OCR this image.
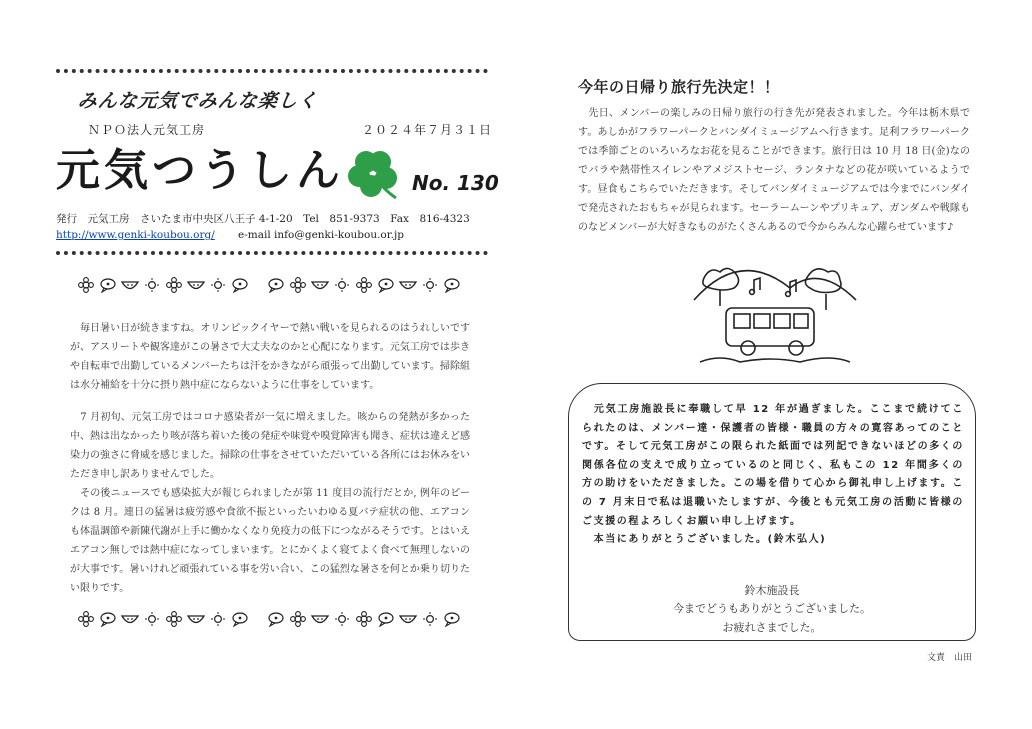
みんな元気でみんな楽しく
ＮＰＯ法人元気工房	２０２４年７月３１日
元気つうしん	No. 130
発行　元気工房　さいたま市中央区八王子 4-1-20　Tel　851-9373　Fax　816-4323
http://www.genki-koubou.org/ e-mail info@genki-koubou.or.jp

　毎日暑い日が続きますね。オリンピックイヤーで熱い戦いを見られるのはうれしいですが、アスリートや観客達がこの暑さで大丈夫なのかと心配になります。元気工房では歩きや自転車で出勤しているメンバーたちは汗をかきながら頑張って出勤しています。掃除組は水分補給を十分に摂り熱中症にならないように仕事をしています。

　7 月初旬、元気工房ではコロナ感染者が一気に増えました。咳からの発熱が多かった中、熱は出なかったり咳が落ち着いた後の発症や味覚や嗅覚障害も聞き、症状は違えど感染力の強さに脅威を感じました。掃除の仕事をさせていただいている各所にはお休みをいただき申し訳ありませんでした。

　その後ニュースでも感染拡大が報じられましたが第 11 度目の流行だとか, 例年のピークは 8 月。連日の猛暑は疲労感や食欲不振といったいわゆる夏バテ症状の他、エアコンも体温調節や新陳代謝が上手に働かなくなり免疫力の低下につながるそうです。とはいえエアコン無しでは熱中症になってしまいます。とにかくよく寝てよく食べて無理しないのが大事です。暑いけれど頑張れている事を労い合い、この猛烈な暑さを何とか乗り切りたい限りです。

今年の日帰り旅行先決定！！

　先日、メンバーの楽しみの日帰り旅行の行き先が発表されました。今年は栃木県です。あしかがフラワーパークとバンダイミュージアムへ行きます。足利フラワーパークでは季節ごとのいろいろなお花を見ることができます。旅行日は 10 月 18 日(金)なのでバラや熱帯性スイレンやアメジストセージ、ランタナなどの花が咲いているようです。昼食もこちらでいただきます。そしてバンダイミュージアムでは今までにバンダイで発売されたおもちゃが見られます。セーラームーンやプリキュア、ガンダムや戦隊ものなどメンバーが大好きなものがたくさんあるので今からみんな心躍らせています♪

　元気工房施設長に奉職して早 12 年が過ぎました。ここまで続けてこられたのは、メンバー達・保護者の皆様・職員の方々の寛容あってのことです。そして元気工房がこの限られた紙面では列記できないほどの多くの関係各位の支えで成り立っているのと同じく、私もこの 12 年間多くの方の助けをいただきました。この場を借りて心から御礼申し上げます。この 7 月末日で私は退職いたしますが、今後とも元気工房の活動に皆様のご支援の程よろしくお願い申し上げます。
　本当にありがとうございました。(鈴木弘人)

鈴木施設長
今までどうもありがとうございました。
お疲れさまでした。
文責　山田
